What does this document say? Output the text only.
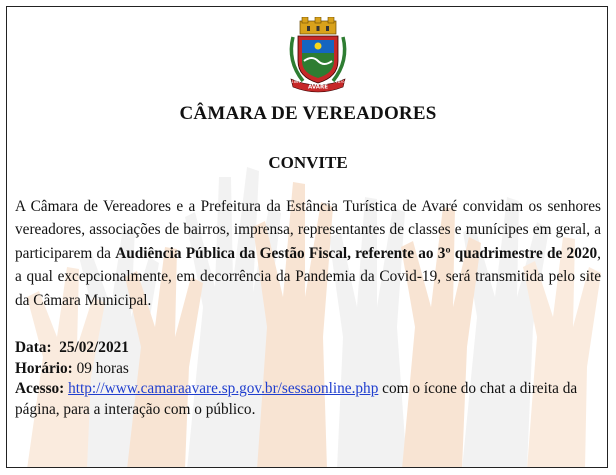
AVARÉ
1861	1870
CÂMARA DE VEREADORES
CONVITE

A Câmara de Vereadores e a Prefeitura da Estância Turística de Avaré convidam os senhores vereadores, associações de bairros, imprensa, representantes de classes e munícipes em geral, a participarem da Audiência Pública da Gestão Fiscal, referente ao 3º quadrimestre de 2020, a qual excepcionalmente, em decorrência da Pandemia da Covid-19, será transmitida pelo site da Câmara Municipal.

Data: 25/02/2021
Horário: 09 horas
Acesso: http://www.camaraavare.sp.gov.br/sessaonline.php com o ícone do chat a direita da página, para a interação com o público.
